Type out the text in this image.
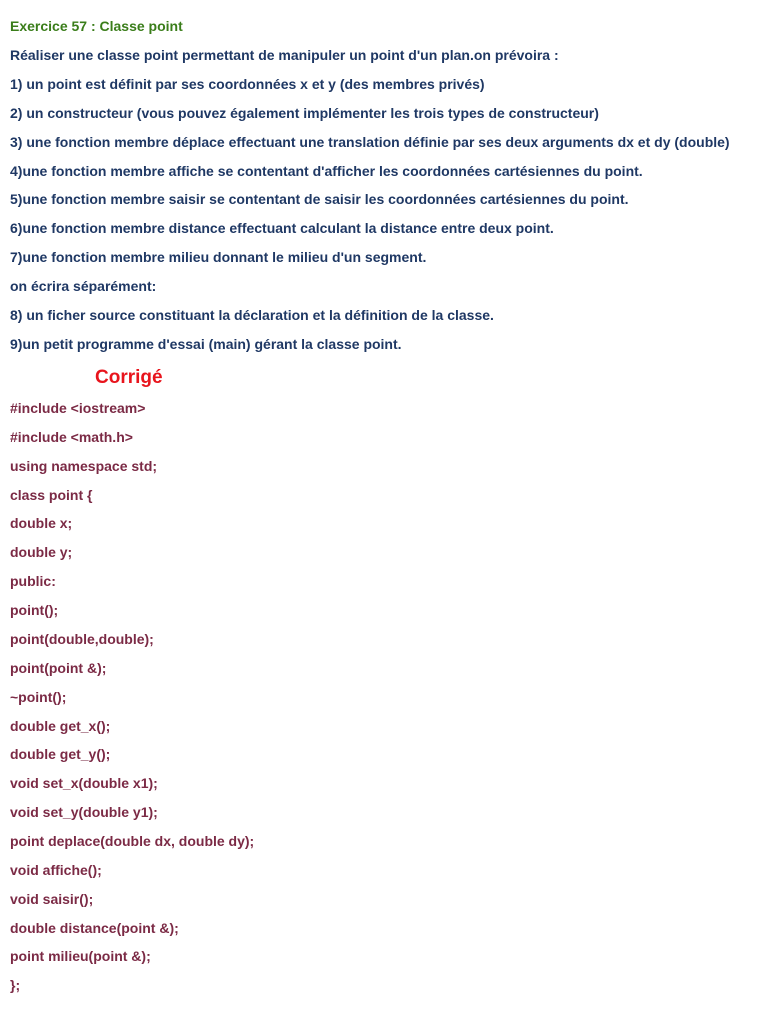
Exercice 57 : Classe point
Réaliser une classe point permettant de manipuler un point d'un plan.on prévoira :
1) un point est définit par ses coordonnées x et y (des membres privés)
2) un constructeur (vous pouvez également implémenter les trois types de constructeur)
3) une fonction membre déplace effectuant une translation définie par ses deux arguments dx et dy (double)
4)une fonction membre affiche se contentant d'afficher les coordonnées cartésiennes du point.
5)une fonction membre saisir se contentant de saisir les coordonnées cartésiennes du point.
6)une fonction membre distance effectuant calculant la distance entre deux point.
7)une fonction membre milieu donnant le milieu d'un segment.
on écrira séparément:
8) un ficher source constituant la déclaration et la définition de la classe.
9)un petit programme d'essai (main) gérant la classe point.
Corrigé
#include <iostream>
#include <math.h>
using namespace std;
class point {
double x;
double y;
public:
point();
point(double,double);
point(point &);
~point();
double get_x();
double get_y();
void set_x(double x1);
void set_y(double y1);
point deplace(double dx, double dy);
void affiche();
void saisir();
double distance(point &);
point milieu(point &);
};
